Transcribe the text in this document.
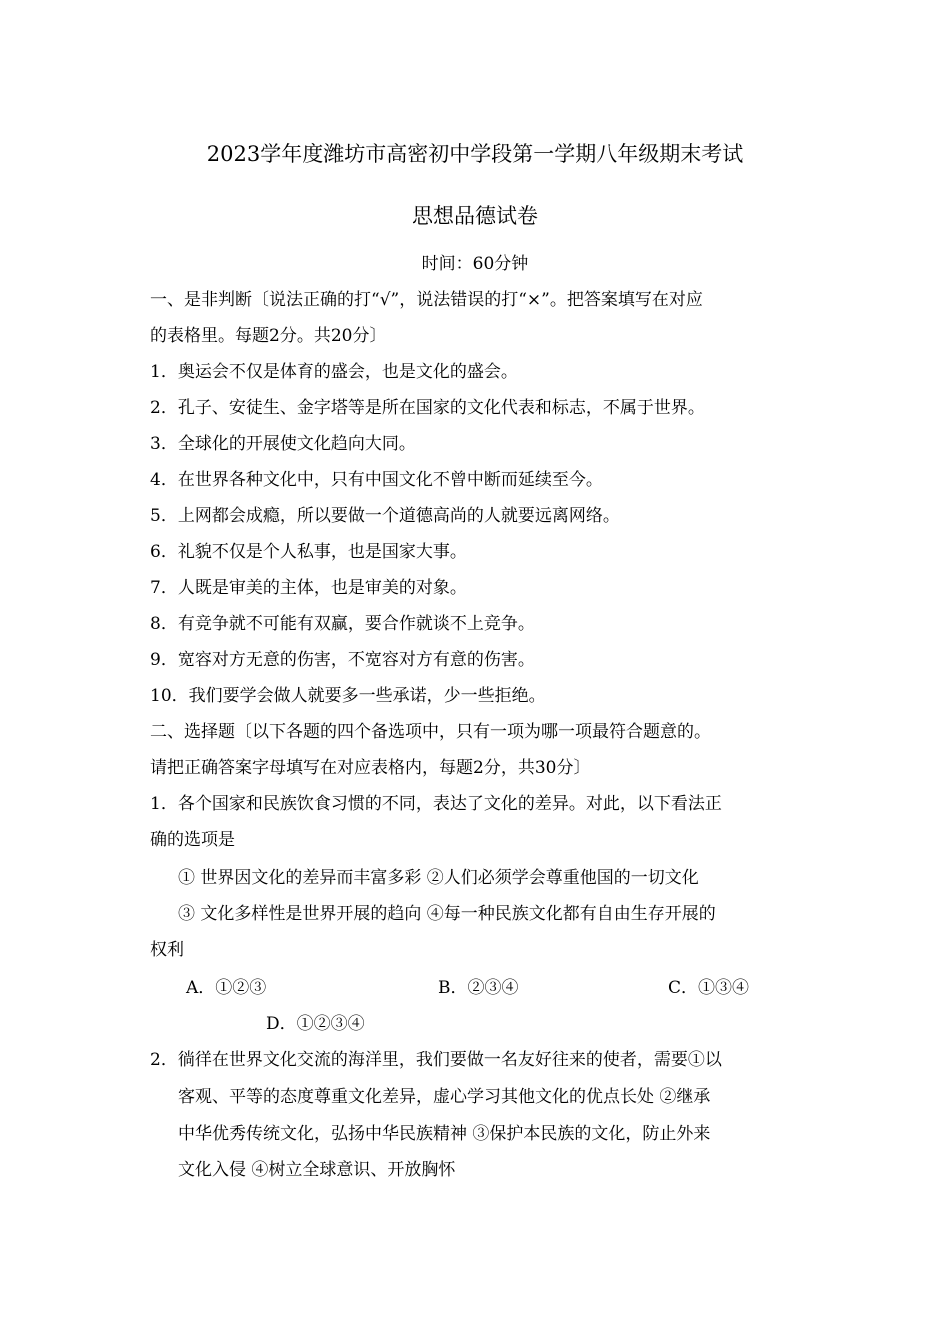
2023学年度潍坊市高密初中学段第一学期八年级期末考试
思想品德试卷
时间：60分钟
一、是非判断〔说法正确的打“√”，说法错误的打“×”。把答案填写在对应
的表格里。每题2分。共20分〕
1．奥运会不仅是体育的盛会，也是文化的盛会。
2．孔子、安徒生、金字塔等是所在国家的文化代表和标志，不属于世界。
3．全球化的开展使文化趋向大同。
4．在世界各种文化中，只有中国文化不曾中断而延续至今。
5．上网都会成瘾，所以要做一个道德高尚的人就要远离网络。
6．礼貌不仅是个人私事，也是国家大事。
7．人既是审美的主体，也是审美的对象。
8．有竞争就不可能有双赢，要合作就谈不上竞争。
9．宽容对方无意的伤害，不宽容对方有意的伤害。
10．我们要学会做人就要多一些承诺，少一些拒绝。
二、选择题〔以下各题的四个备选项中，只有一项为哪一项最符合题意的。
请把正确答案字母填写在对应表格内，每题2分，共30分〕
1．各个国家和民族饮食习惯的不同，表达了文化的差异。对此，以下看法正
确的选项是
① 世界因文化的差异而丰富多彩 ②人们必须学会尊重他国的一切文化
③ 文化多样性是世界开展的趋向 ④每一种民族文化都有自由生存开展的
权利
A．①②③	B．②③④	C．①③④
D．①②③④
2．徜徉在世界文化交流的海洋里，我们要做一名友好往来的使者，需要①以
客观、平等的态度尊重文化差异，虚心学习其他文化的优点长处 ②继承
中华优秀传统文化，弘扬中华民族精神 ③保护本民族的文化，防止外来
文化入侵 ④树立全球意识、开放胸怀
